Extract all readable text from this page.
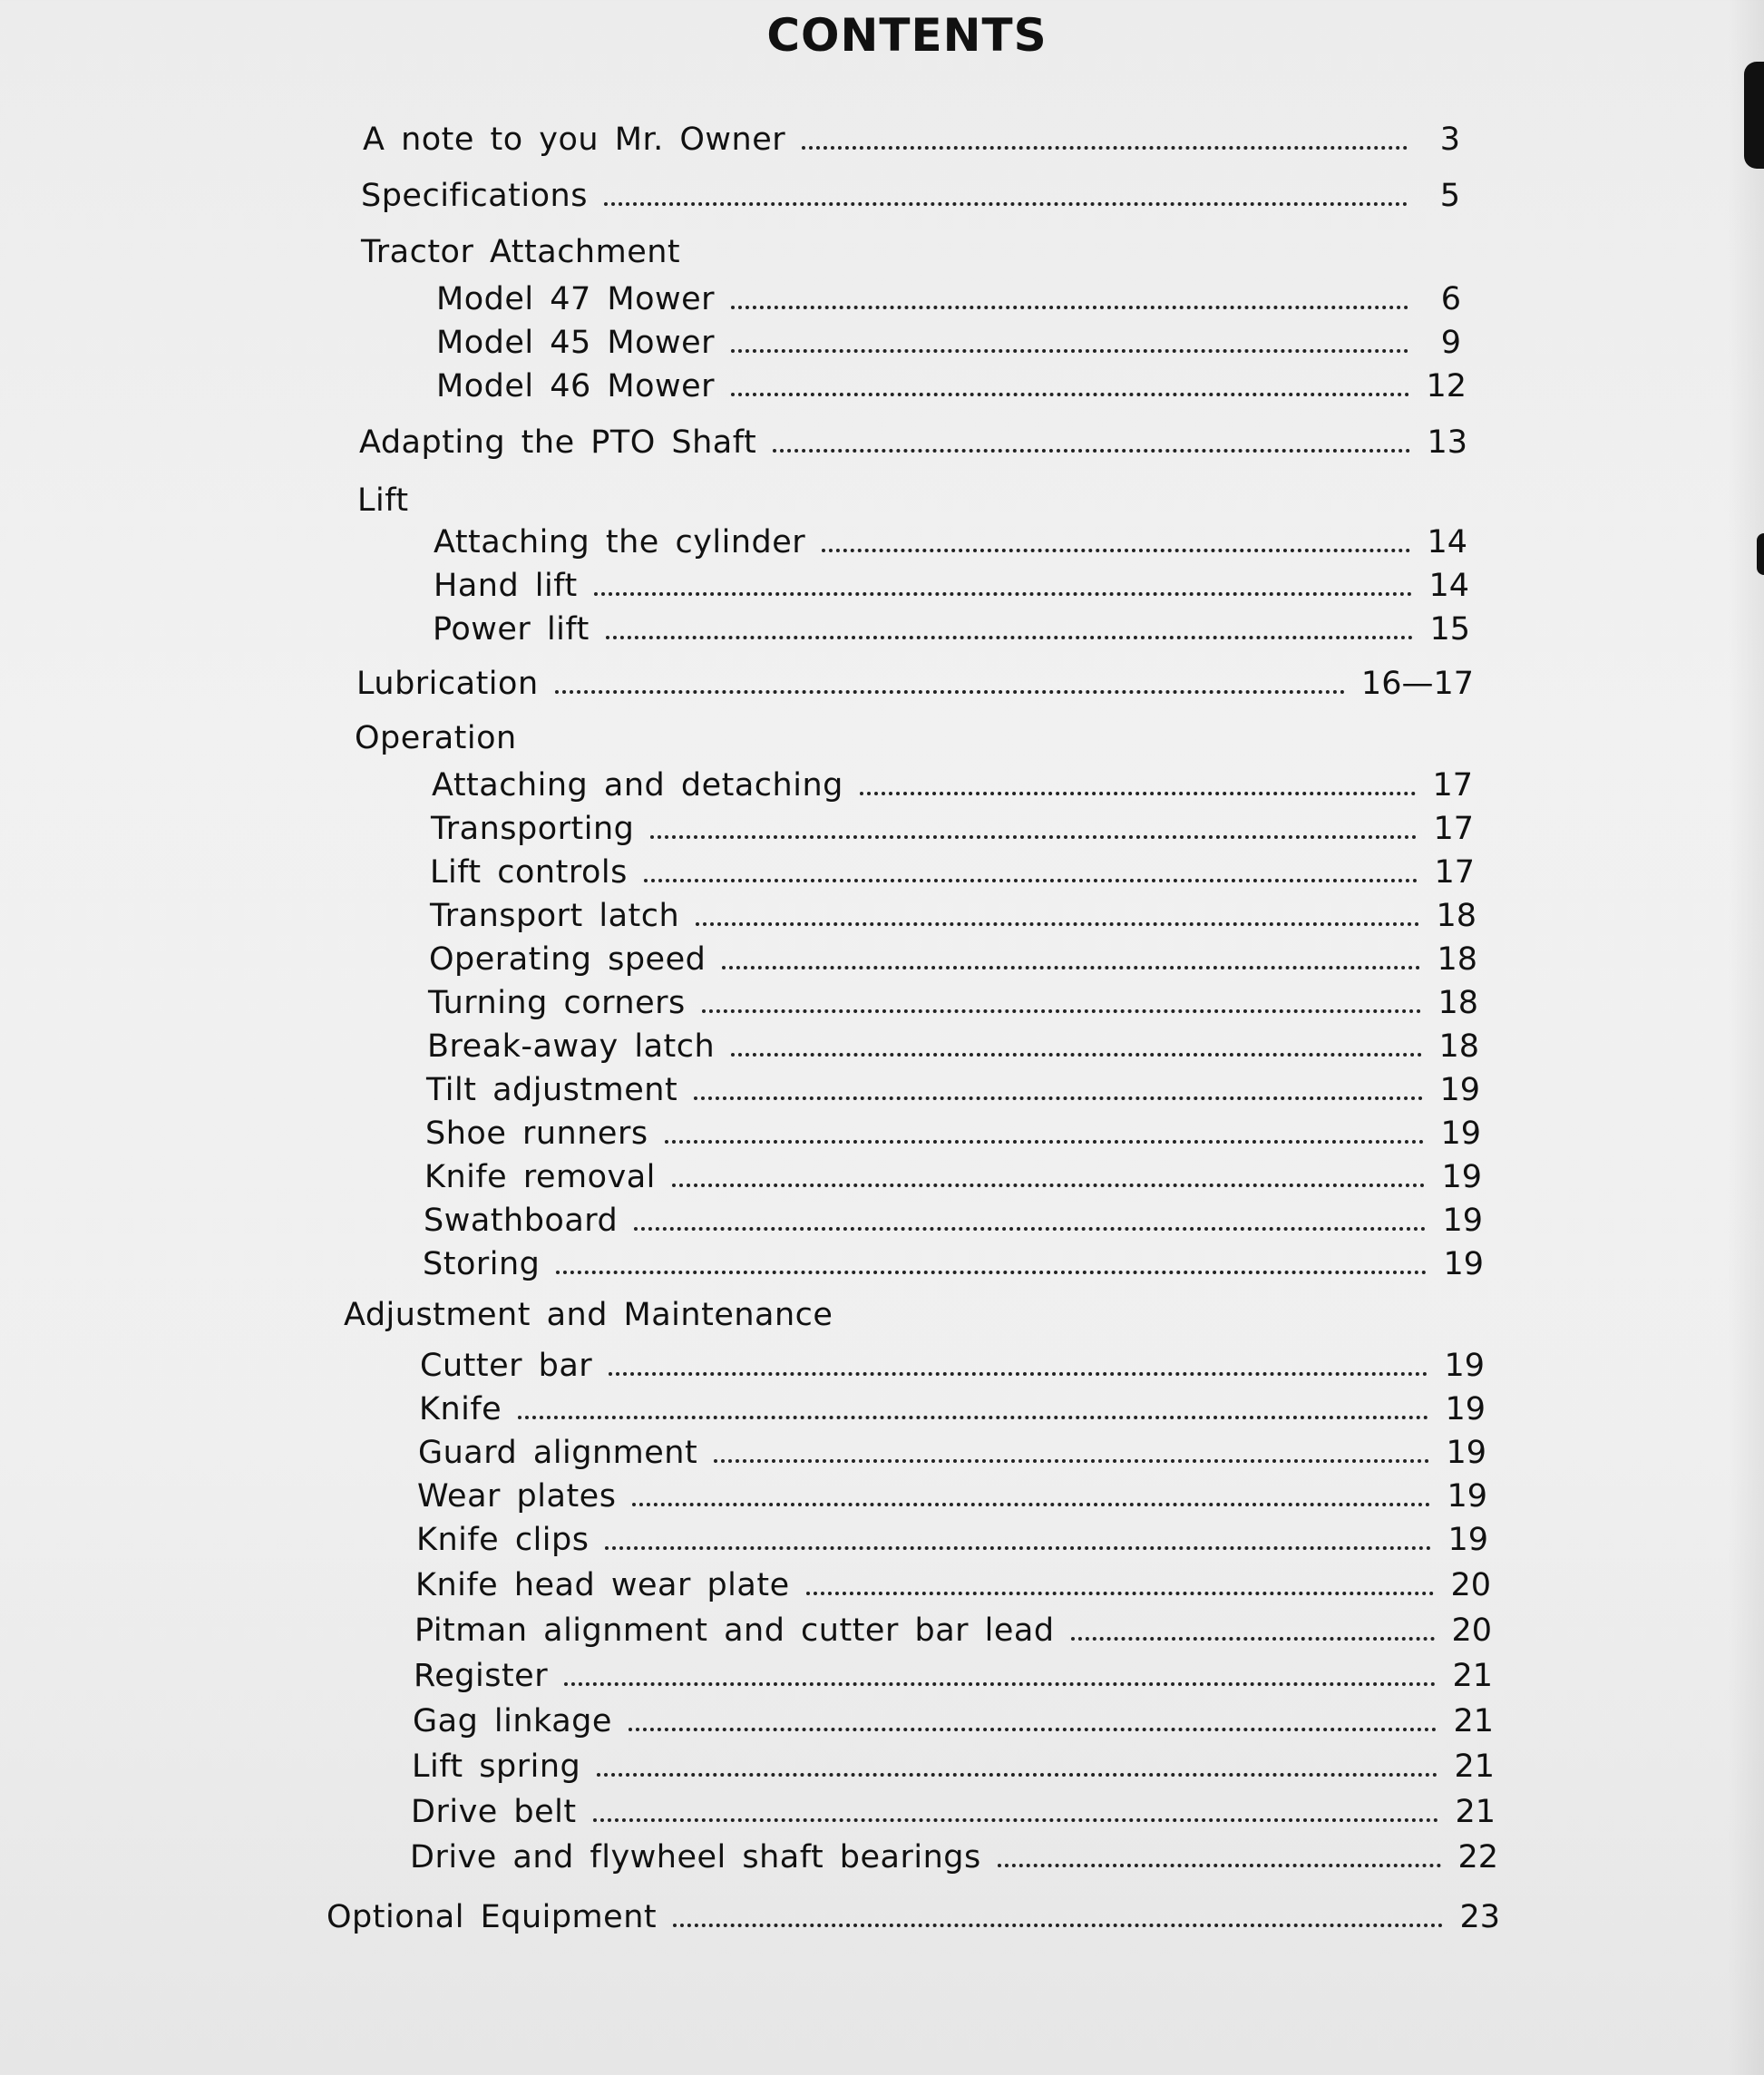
CONTENTS
A note to you Mr. Owner	3
Specifications	5
Tractor Attachment
Model 47 Mower	6
Model 45 Mower	9
Model 46 Mower	12
Adapting the PTO Shaft	13
Lift
Attaching the cylinder	14
Hand lift	14
Power lift	15
Lubrication	16—17
Operation
Attaching and detaching	17
Transporting	17
Lift controls	17
Transport latch	18
Operating speed	18
Turning corners	18
Break-away latch	18
Tilt adjustment	19
Shoe runners	19
Knife removal	19
Swathboard	19
Storing	19
Adjustment and Maintenance
Cutter bar	19
Knife	19
Guard alignment	19
Wear plates	19
Knife clips	19
Knife head wear plate	20
Pitman alignment and cutter bar lead	20
Register	21
Gag linkage	21
Lift spring	21
Drive belt	21
Drive and flywheel shaft bearings	22
Optional Equipment	23
